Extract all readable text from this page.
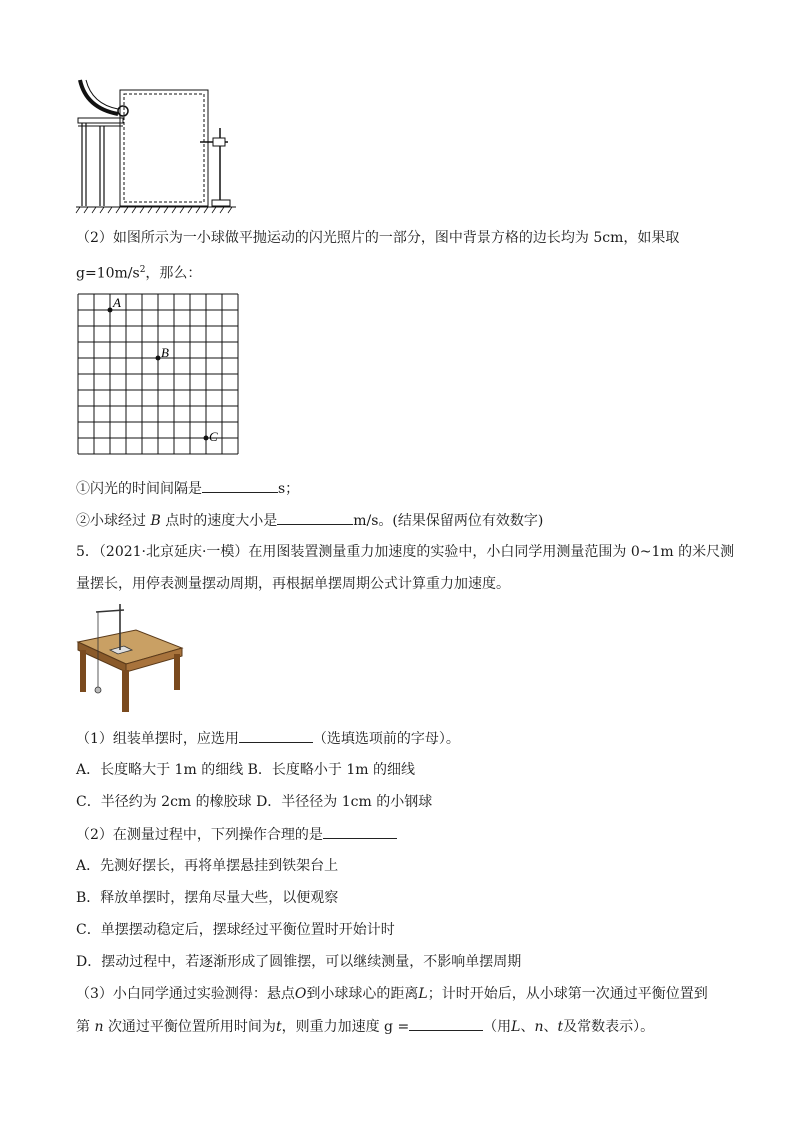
（2）如图所示为一小球做平抛运动的闪光照片的一部分，图中背景方格的边长均为 5cm，如果取
$g=10m/s^2$，那么：
A
B
C
①闪光的时间间隔是	s；
②小球经过 B 点时的速度大小是	m/s。(结果保留两位有效数字)
5．（2021·北京延庆·一模）在用图装置测量重力加速度的实验中，小白同学用测量范围为 0~1m 的米尺测
量摆长，用停表测量摆动周期，再根据单摆周期公式计算重力加速度。
（1）组装单摆时，应选用	（选填选项前的字母）。
A．长度略大于 1m 的细线 B．长度略小于 1m 的细线
C．半径约为 2cm 的橡胶球 D．半径径为 1cm 的小钢球
（2）在测量过程中，下列操作合理的是
A．先测好摆长，再将单摆悬挂到铁架台上
B．释放单摆时，摆角尽量大些，以便观察
C．单摆摆动稳定后，摆球经过平衡位置时开始计时
D．摆动过程中，若逐渐形成了圆锥摆，可以继续测量，不影响单摆周期
（3）小白同学通过实验测得：悬点O到小球球心的距离L；计时开始后，从小球第一次通过平衡位置到
第 n 次通过平衡位置所用时间为t，则重力加速度 g =	（用L、n、t及常数表示）。
